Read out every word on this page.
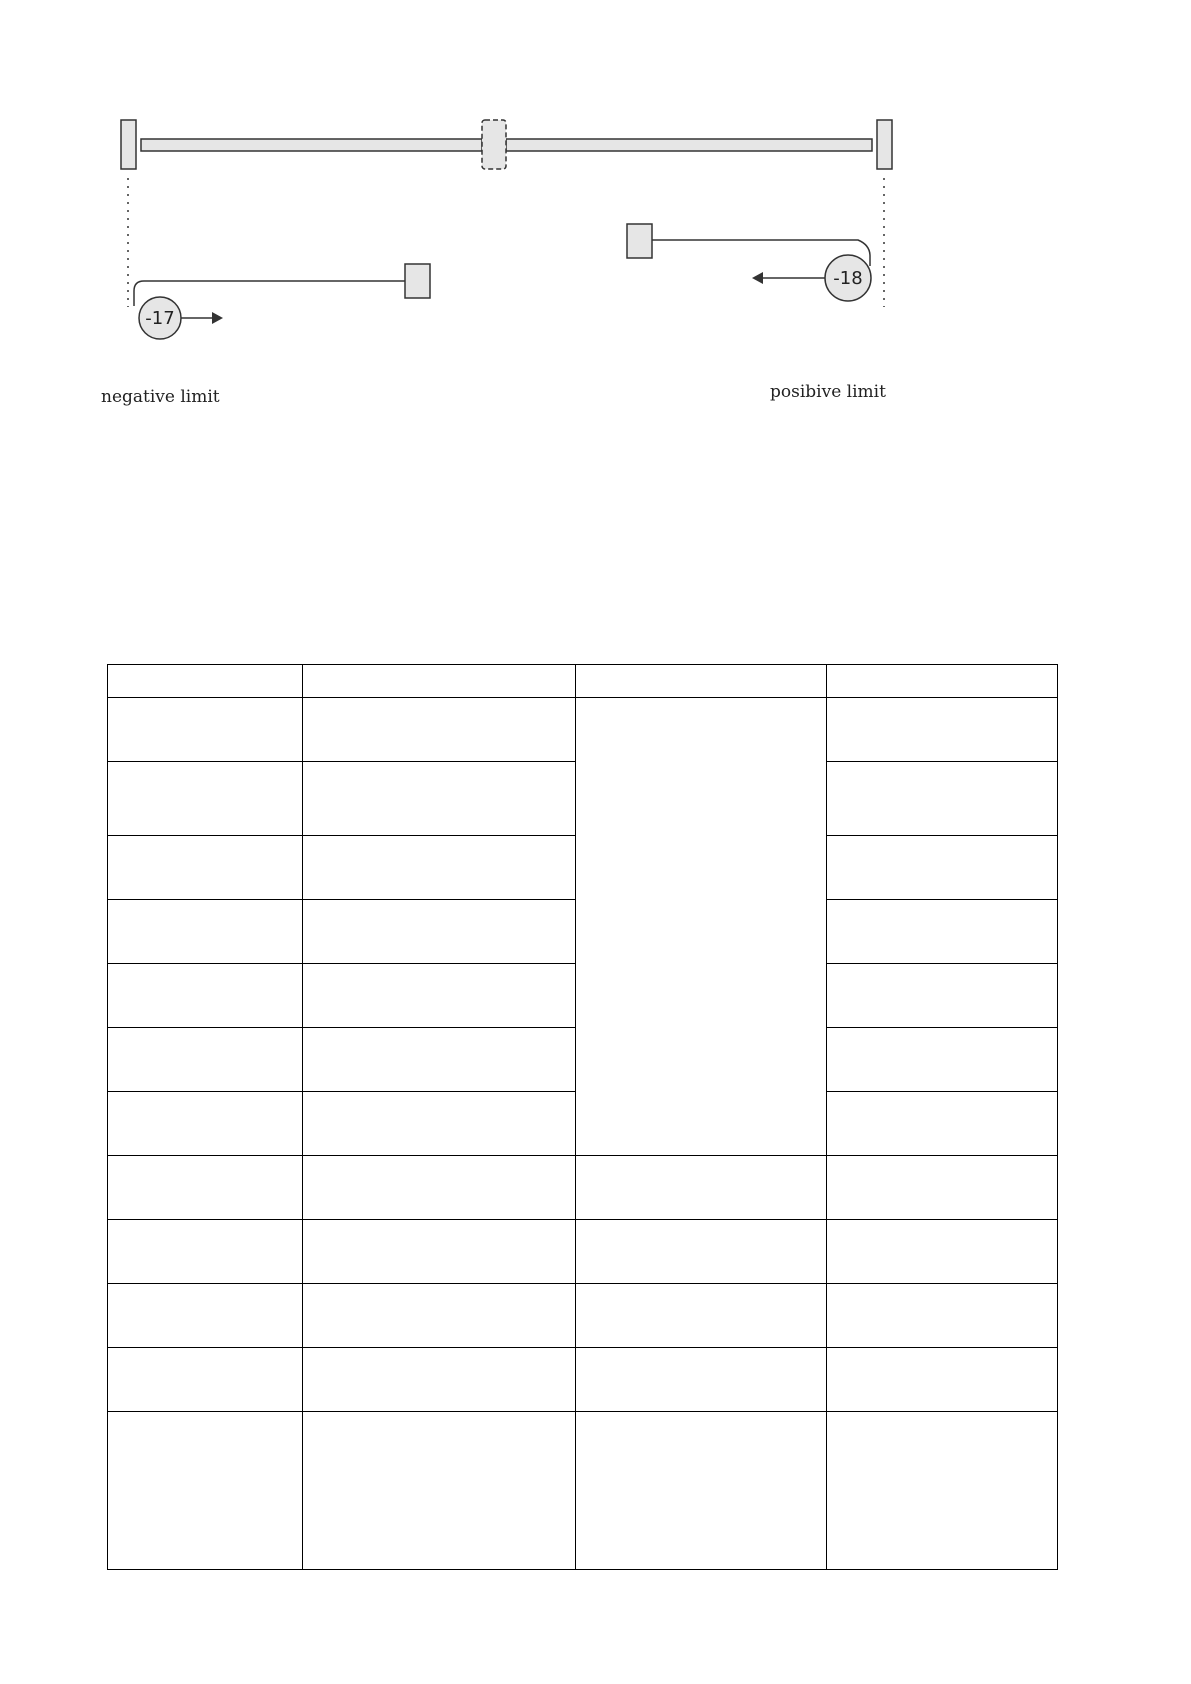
-17
-18
negative limit	posibive limit
